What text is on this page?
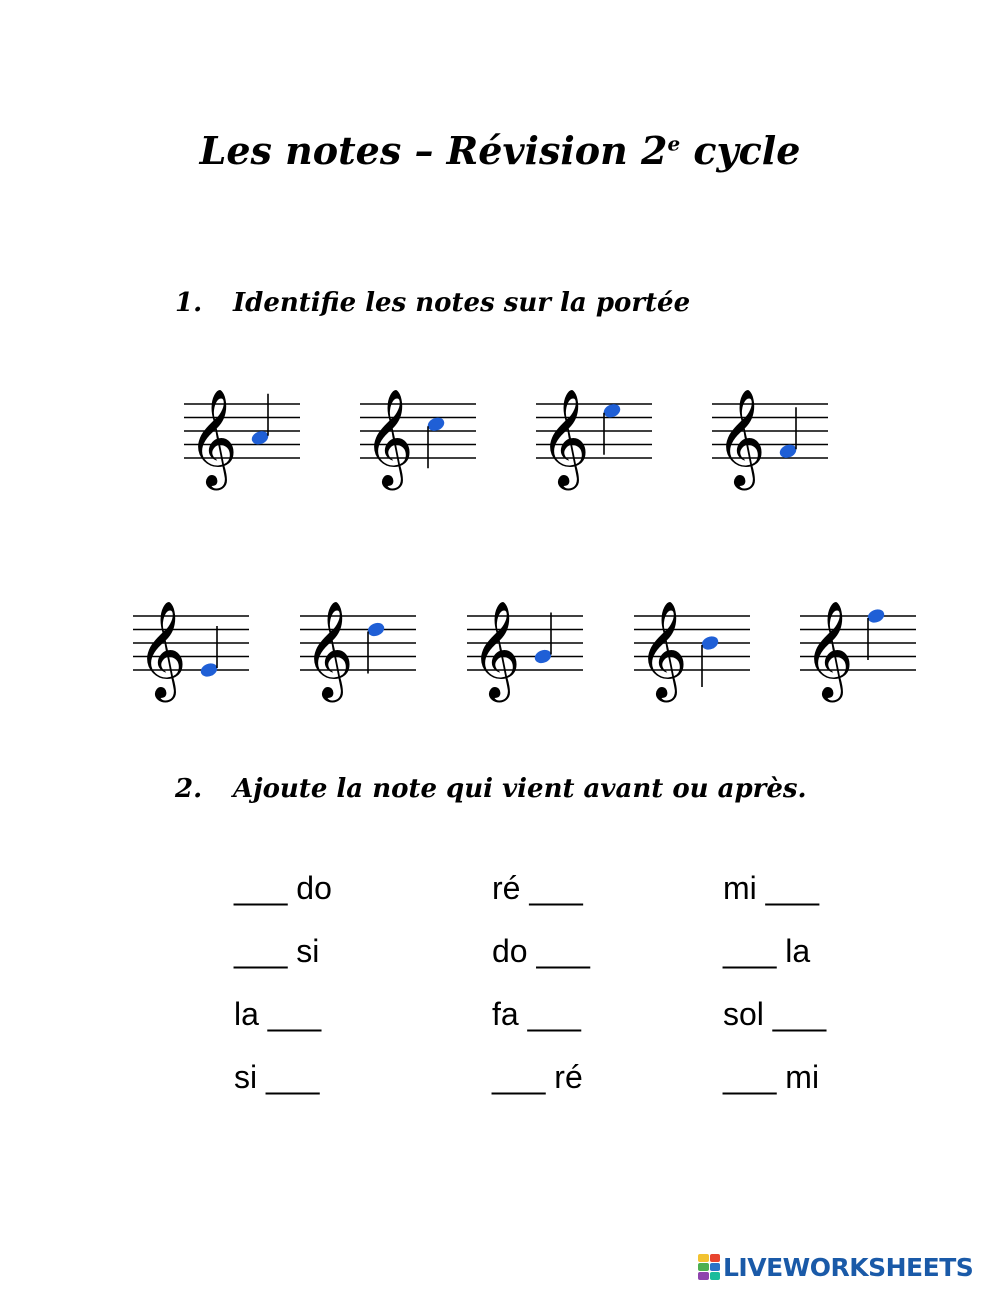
Les notes – Révision 2e cycle
1. Identifie les notes sur la portée
𝄞 𝄞 𝄞 𝄞
𝄞 𝄞 𝄞 𝄞 𝄞
2. Ajoute la note qui vient avant ou après.
___ do	ré ___	mi ___
___ si	do ___	___ la
la ___	fa ___	sol ___
si ___	___ ré	___ mi
LIVEWORKSHEETS
